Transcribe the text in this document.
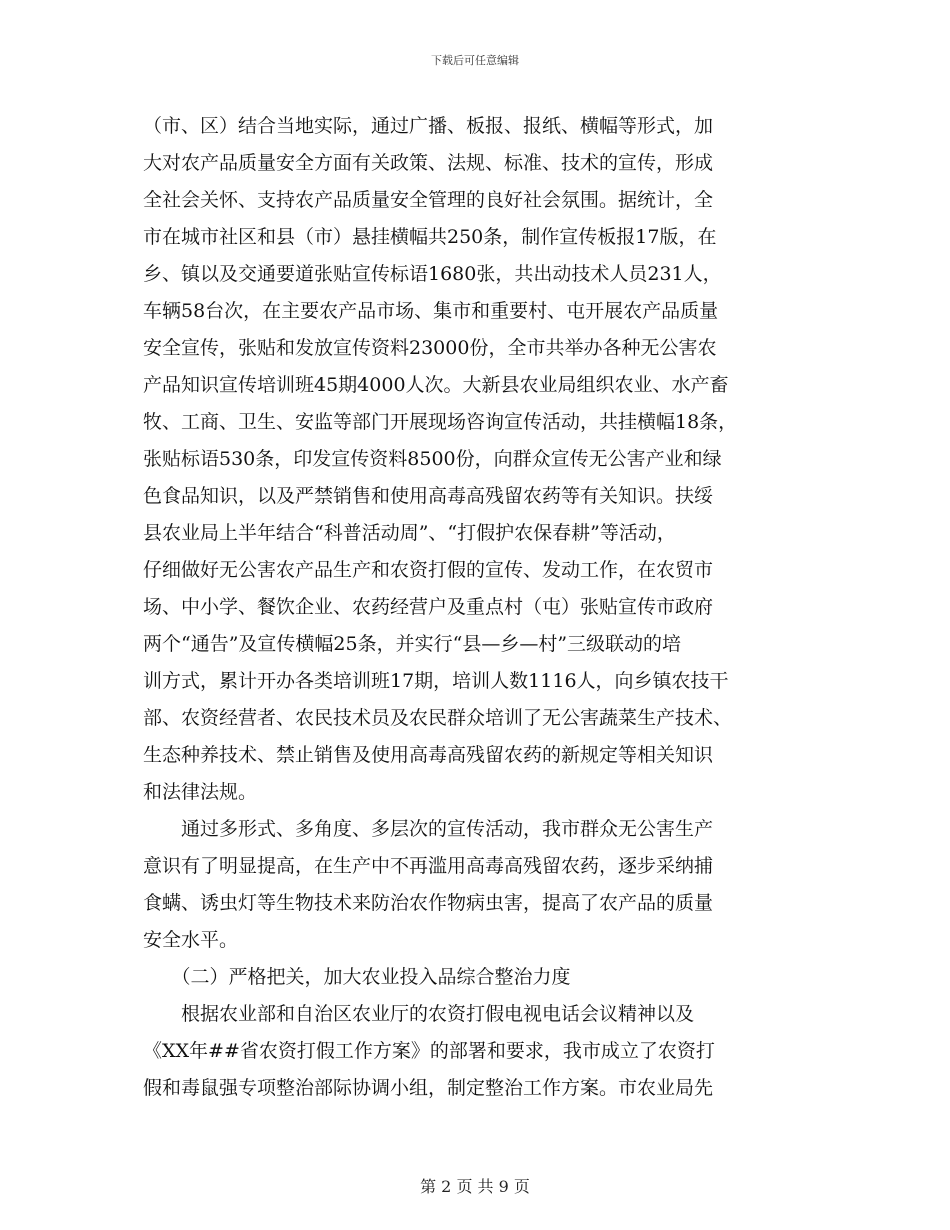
下载后可任意编辑
（市、区）结合当地实际，通过广播、板报、报纸、横幅等形式，加
大对农产品质量安全方面有关政策、法规、标准、技术的宣传，形成
全社会关怀、支持农产品质量安全管理的良好社会氛围。据统计，全
市在城市社区和县（市）悬挂横幅共250条，制作宣传板报17版，在
乡、镇以及交通要道张贴宣传标语1680张，共出动技术人员231人，
车辆58台次，在主要农产品市场、集市和重要村、屯开展农产品质量
安全宣传，张贴和发放宣传资料23000份，全市共举办各种无公害农
产品知识宣传培训班45期4000人次。大新县农业局组织农业、水产畜
牧、工商、卫生、安监等部门开展现场咨询宣传活动，共挂横幅18条，
张贴标语530条，印发宣传资料8500份，向群众宣传无公害产业和绿
色食品知识，以及严禁销售和使用高毒高残留农药等有关知识。扶绥
县农业局上半年结合“科普活动周”、“打假护农保春耕”等活动，
仔细做好无公害农产品生产和农资打假的宣传、发动工作，在农贸市
场、中小学、餐饮企业、农药经营户及重点村（屯）张贴宣传市政府
两个“通告”及宣传横幅25条，并实行“县—乡—村”三级联动的培
训方式，累计开办各类培训班17期，培训人数1116人，向乡镇农技干
部、农资经营者、农民技术员及农民群众培训了无公害蔬菜生产技术、
生态种养技术、禁止销售及使用高毒高残留农药的新规定等相关知识
和法律法规。
　　通过多形式、多角度、多层次的宣传活动，我市群众无公害生产
意识有了明显提高，在生产中不再滥用高毒高残留农药，逐步采纳捕
食螨、诱虫灯等生物技术来防治农作物病虫害，提高了农产品的质量
安全水平。
　　（二）严格把关，加大农业投入品综合整治力度
　　根据农业部和自治区农业厅的农资打假电视电话会议精神以及
《XX年##省农资打假工作方案》的部署和要求，我市成立了农资打
假和毒鼠强专项整治部际协调小组，制定整治工作方案。市农业局先
第 2 页 共 9 页
